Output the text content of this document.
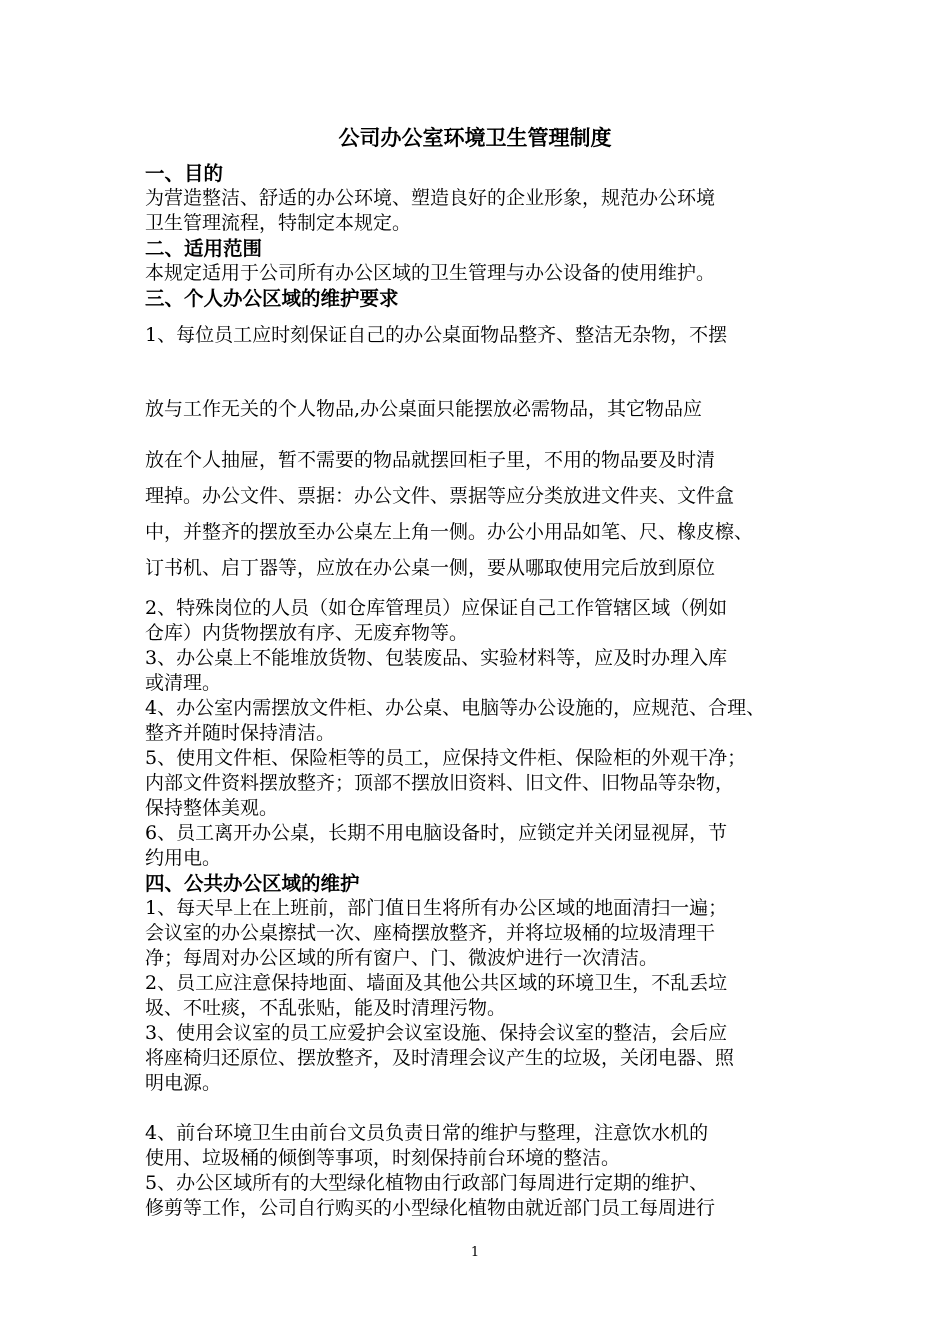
公司办公室环境卫生管理制度

一、目的

为营造整洁、舒适的办公环境、塑造良好的企业形象，规范办公环境

卫生管理流程，特制定本规定。

二、适用范围

本规定适用于公司所有办公区域的卫生管理与办公设备的使用维护。

三、个人办公区域的维护要求

1、每位员工应时刻保证自己的办公桌面物品整齐、整洁无杂物，不摆

放与工作无关的个人物品,办公桌面只能摆放必需物品，其它物品应

放在个人抽屉，暂不需要的物品就摆回柜子里，不用的物品要及时清

理掉。办公文件、票据：办公文件、票据等应分类放进文件夹、文件盒

中，并整齐的摆放至办公桌左上角一侧。办公小用品如笔、尺、橡皮檫、

订书机、启丁器等，应放在办公桌一侧，要从哪取使用完后放到原位

2、特殊岗位的人员（如仓库管理员）应保证自己工作管辖区域（例如

仓库）内货物摆放有序、无废弃物等。

3、办公桌上不能堆放货物、包装废品、实验材料等，应及时办理入库

或清理。

4、办公室内需摆放文件柜、办公桌、电脑等办公设施的，应规范、合理、

整齐并随时保持清洁。

5、使用文件柜、保险柜等的员工，应保持文件柜、保险柜的外观干净；

内部文件资料摆放整齐；顶部不摆放旧资料、旧文件、旧物品等杂物，

保持整体美观。

6、员工离开办公桌，长期不用电脑设备时，应锁定并关闭显视屏，节

约用电。

四、公共办公区域的维护

1、每天早上在上班前，部门值日生将所有办公区域的地面清扫一遍；

会议室的办公桌擦拭一次、座椅摆放整齐，并将垃圾桶的垃圾清理干

净；每周对办公区域的所有窗户、门、微波炉进行一次清洁。

2、员工应注意保持地面、墙面及其他公共区域的环境卫生，不乱丢垃

圾、不吐痰，不乱张贴，能及时清理污物。

3、使用会议室的员工应爱护会议室设施、保持会议室的整洁，会后应

将座椅归还原位、摆放整齐，及时清理会议产生的垃圾，关闭电器、照

明电源。

4、前台环境卫生由前台文员负责日常的维护与整理，注意饮水机的

使用、垃圾桶的倾倒等事项，时刻保持前台环境的整洁。

5、办公区域所有的大型绿化植物由行政部门每周进行定期的维护、

修剪等工作，公司自行购买的小型绿化植物由就近部门员工每周进行

1
